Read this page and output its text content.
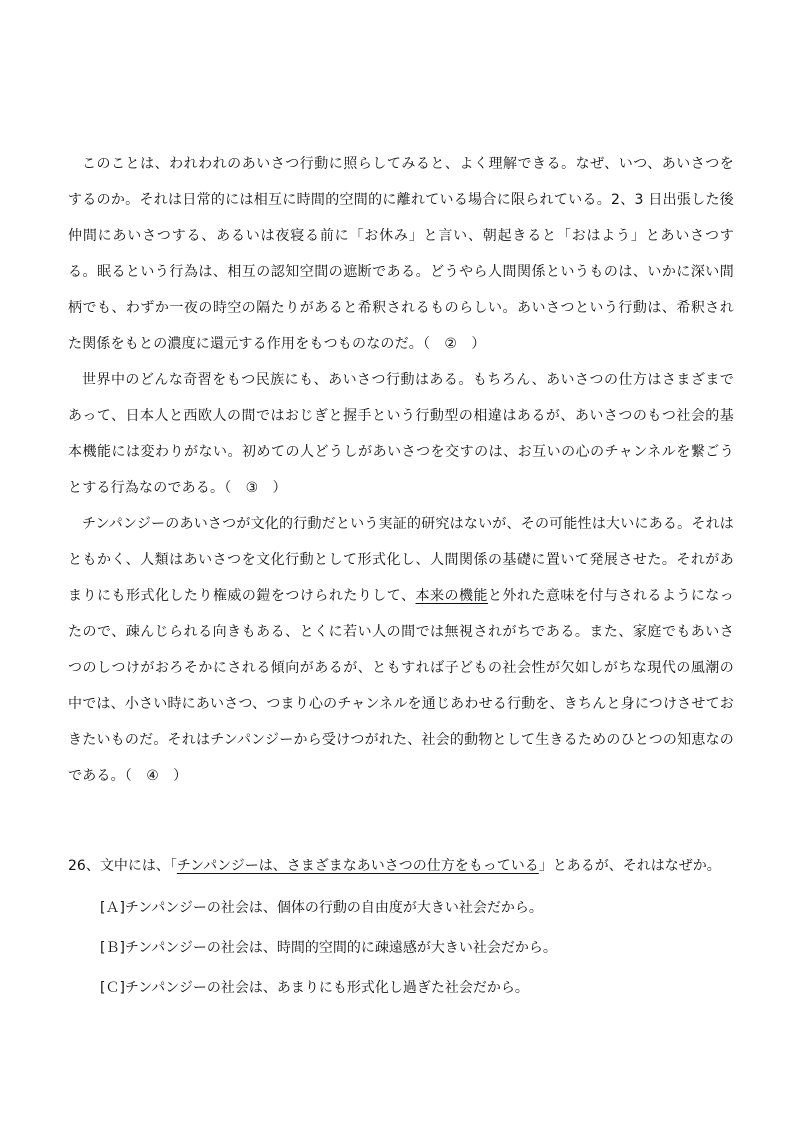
このことは、われわれのあいさつ行動に照らしてみると、よく理解できる。なぜ、いつ、あいさつをするのか。それは日常的には相互に時間的空間的に離れている場合に限られている。2、3 日出張した後仲間にあいさつする、あるいは夜寝る前に「お休み」と言い、朝起きると「おはよう」とあいさつする。眠るという行為は、相互の認知空間の遮断である。どうやら人間関係というものは、いかに深い間柄でも、わずか一夜の時空の隔たりがあると希釈されるものらしい。あいさつという行動は、希釈された関係をもとの濃度に還元する作用をもつものなのだ。（　②　）

世界中のどんな奇習をもつ民族にも、あいさつ行動はある。もちろん、あいさつの仕方はさまざまであって、日本人と西欧人の間ではおじぎと握手という行動型の相違はあるが、あいさつのもつ社会的基本機能には変わりがない。初めての人どうしがあいさつを交すのは、お互いの心のチャンネルを繋ごうとする行為なのである。（　③　）

チンパンジーのあいさつが文化的行動だという実証的研究はないが、その可能性は大いにある。それはともかく、人類はあいさつを文化行動として形式化し、人間関係の基礎に置いて発展させた。それがあまりにも形式化したり権威の鎧をつけられたりして、本来の機能と外れた意味を付与されるようになったので、疎んじられる向きもある、とくに若い人の間では無視されがちである。また、家庭でもあいさつのしつけがおろそかにされる傾向があるが、ともすれば子どもの社会性が欠如しがちな現代の風潮の中では、小さい時にあいさつ、つまり心のチャンネルを通じあわせる行動を、きちんと身につけさせておきたいものだ。それはチンパンジーから受けつがれた、社会的動物として生きるためのひとつの知恵なのである。（　④　）

26、文中には、「チンパンジーは、さまざまなあいさつの仕方をもっている」とあるが、それはなぜか。

[Ａ]チンパンジーの社会は、個体の行動の自由度が大きい社会だから。
[Ｂ]チンパンジーの社会は、時間的空間的に疎遠感が大きい社会だから。
[Ｃ]チンパンジーの社会は、あまりにも形式化し過ぎた社会だから。
